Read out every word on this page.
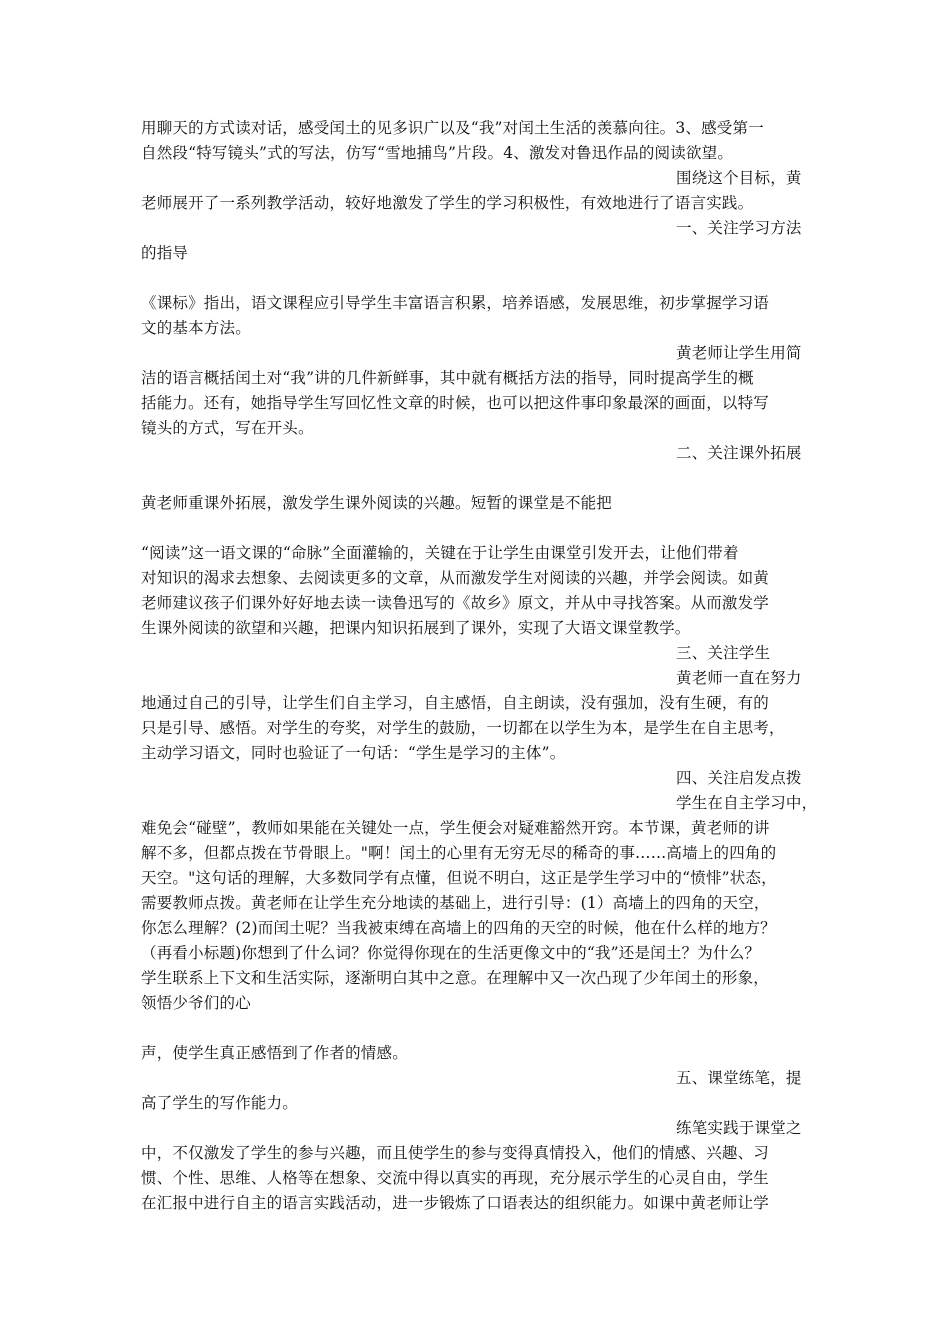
用聊天的方式读对话，感受闰土的见多识广以及“我”对闰土生活的羡慕向往。3、感受第一
自然段“特写镜头”式的写法，仿写“雪地捕鸟”片段。4、激发对鲁迅作品的阅读欲望。
围绕这个目标，黄
老师展开了一系列教学活动，较好地激发了学生的学习积极性，有效地进行了语言实践。
一、关注学习方法
的指导
《课标》指出，语文课程应引导学生丰富语言积累，培养语感，发展思维，初步掌握学习语
文的基本方法。
黄老师让学生用简
洁的语言概括闰土对“我”讲的几件新鲜事，其中就有概括方法的指导，同时提高学生的概
括能力。还有，她指导学生写回忆性文章的时候，也可以把这件事印象最深的画面，以特写
镜头的方式，写在开头。
二、关注课外拓展
黄老师重课外拓展，激发学生课外阅读的兴趣。短暂的课堂是不能把
“阅读”这一语文课的“命脉”全面灌输的，关键在于让学生由课堂引发开去，让他们带着
对知识的渴求去想象、去阅读更多的文章，从而激发学生对阅读的兴趣，并学会阅读。如黄
老师建议孩子们课外好好地去读一读鲁迅写的《故乡》原文，并从中寻找答案。从而激发学
生课外阅读的欲望和兴趣，把课内知识拓展到了课外，实现了大语文课堂教学。
三、关注学生
黄老师一直在努力
地通过自己的引导，让学生们自主学习，自主感悟，自主朗读，没有强加，没有生硬，有的
只是引导、感悟。对学生的夸奖，对学生的鼓励，一切都在以学生为本，是学生在自主思考，
主动学习语文，同时也验证了一句话：“学生是学习的主体”。
四、关注启发点拨
学生在自主学习中，
难免会“碰壁”，教师如果能在关键处一点，学生便会对疑难豁然开窍。本节课，黄老师的讲
解不多，但都点拨在节骨眼上。"啊！闰土的心里有无穷无尽的稀奇的事……高墙上的四角的
天空。"这句话的理解，大多数同学有点懂，但说不明白，这正是学生学习中的“愤悱”状态，
需要教师点拨。黄老师在让学生充分地读的基础上，进行引导：(1）高墙上的四角的天空，
你怎么理解？(2)而闰土呢？当我被束缚在高墙上的四角的天空的时候，他在什么样的地方？
（再看小标题)你想到了什么词？你觉得你现在的生活更像文中的“我”还是闰土？为什么？
学生联系上下文和生活实际，逐渐明白其中之意。在理解中又一次凸现了少年闰土的形象，
领悟少爷们的心
声，使学生真正感悟到了作者的情感。
五、课堂练笔，提
高了学生的写作能力。
练笔实践于课堂之
中，不仅激发了学生的参与兴趣，而且使学生的参与变得真情投入，他们的情感、兴趣、习
惯、个性、思维、人格等在想象、交流中得以真实的再现，充分展示学生的心灵自由，学生
在汇报中进行自主的语言实践活动，进一步锻炼了口语表达的组织能力。如课中黄老师让学
